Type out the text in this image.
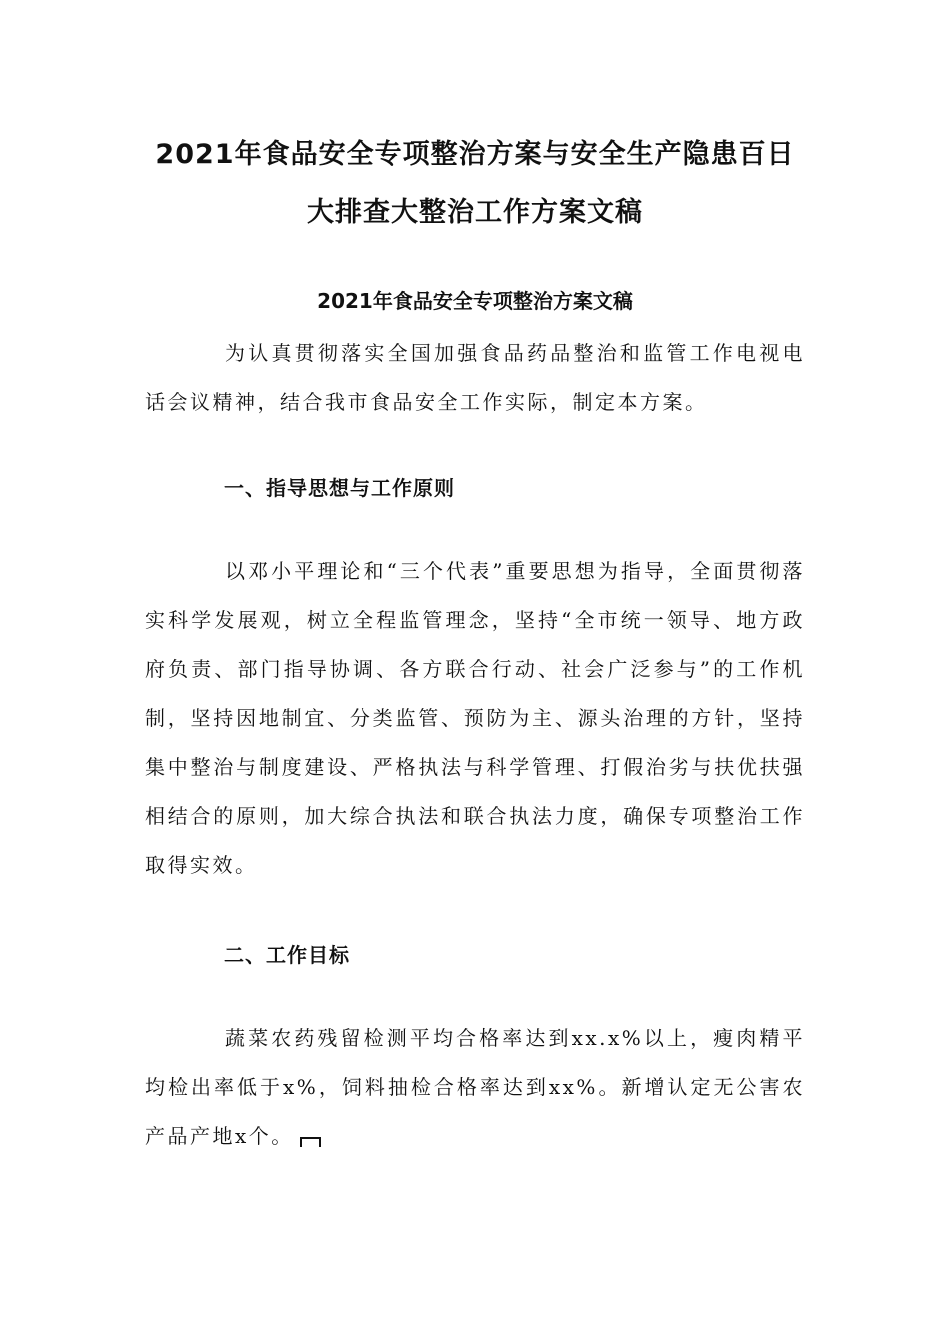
2021年食品安全专项整治方案与安全生产隐患百日
大排查大整治工作方案文稿
2021年食品安全专项整治方案文稿

为认真贯彻落实全国加强食品药品整治和监管工作电视电话会议精神，结合我市食品安全工作实际，制定本方案。

一、指导思想与工作原则

以邓小平理论和“三个代表”重要思想为指导，全面贯彻落实科学发展观，树立全程监管理念，坚持“全市统一领导、地方政府负责、部门指导协调、各方联合行动、社会广泛参与”的工作机制，坚持因地制宜、分类监管、预防为主、源头治理的方针，坚持集中整治与制度建设、严格执法与科学管理、打假治劣与扶优扶强相结合的原则，加大综合执法和联合执法力度，确保专项整治工作取得实效。

二、工作目标

蔬菜农药残留检测平均合格率达到xx.x%以上，瘦肉精平均检出率低于x%，饲料抽检合格率达到xx%。新增认定无公害农产品产地x个。
